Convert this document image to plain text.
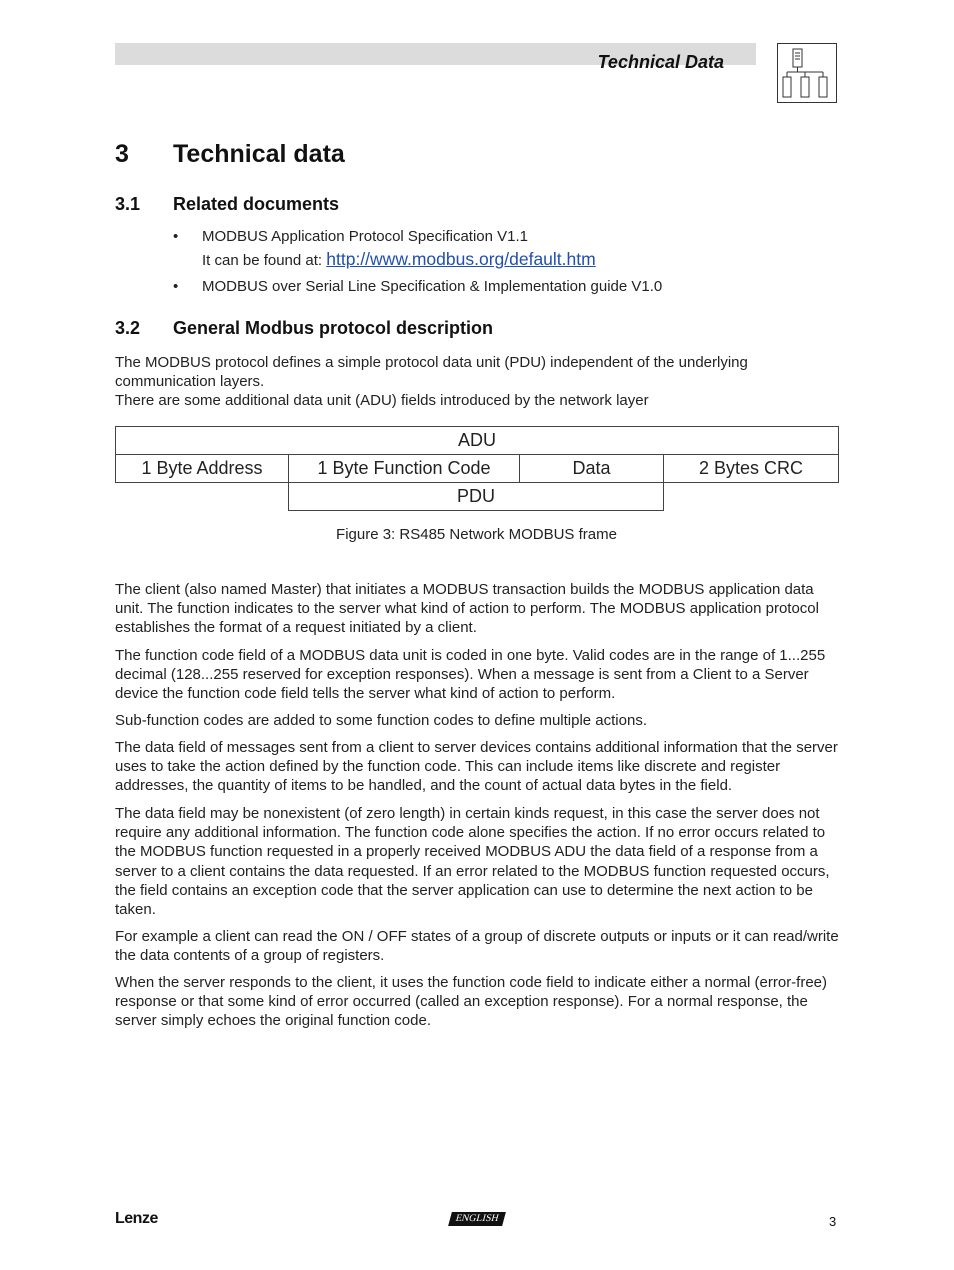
Technical Data
3 Technical data
3.1 Related documents
• MODBUS Application Protocol Specification V1.1
It can be found at: http://www.modbus.org/default.htm
• MODBUS over Serial Line Specification & Implementation guide V1.0
3.2 General Modbus protocol description

The MODBUS protocol defines a simple protocol data unit (PDU) independent of the underlying communication layers.

There are some additional data unit (ADU) fields introduced by the network layer

ADU			
1 Byte Address	1 Byte Function Code	Data	2 Bytes CRC
	PDU		
Figure 3: RS485 Network MODBUS frame
The client (also named Master) that initiates a MODBUS transaction builds the MODBUS application data unit. The function indicates to the server what kind of action to perform. The MODBUS application protocol establishes the format of a request initiated by a client.
The function code field of a MODBUS data unit is coded in one byte. Valid codes are in the range of 1...255 decimal (128...255 reserved for exception responses). When a message is sent from a Client to a Server device the function code field tells the server what kind of action to perform.
Sub-function codes are added to some function codes to define multiple actions.
The data field of messages sent from a client to server devices contains additional information that the server uses to take the action defined by the function code. This can include items like discrete and register addresses, the quantity of items to be handled, and the count of actual data bytes in the field.
The data field may be nonexistent (of zero length) in certain kinds request, in this case the server does not require any additional information. The function code alone specifies the action. If no error occurs related to the MODBUS function requested in a properly received MODBUS ADU the data field of a response from a server to a client contains the data requested. If an error related to the MODBUS function requested occurs, the field contains an exception code that the server application can use to determine the next action to be taken.
For example a client can read the ON / OFF states of a group of discrete outputs or inputs or it can read/write the data contents of a group of registers.
When the server responds to the client, it uses the function code field to indicate either a normal (error-free) response or that some kind of error occurred (called an exception response). For a normal response, the server simply echoes the original function code.
Lenze	ENGLISH	3
